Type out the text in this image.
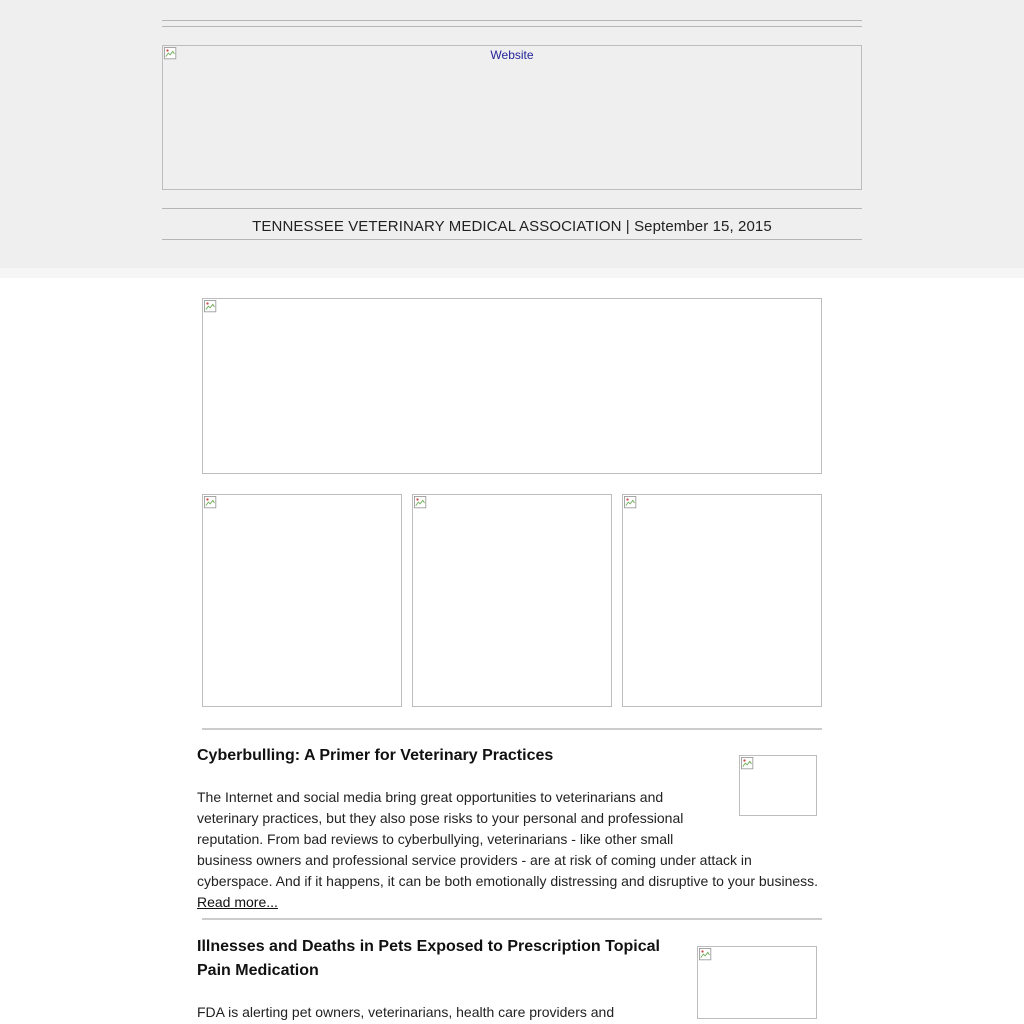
Website
TENNESSEE VETERINARY MEDICAL ASSOCIATION | September 15, 2015
Cyberbulling: A Primer for Veterinary Practices
The Internet and social media bring great opportunities to veterinarians and veterinary practices, but they also pose risks to your personal and professional reputation. From bad reviews to cyberbullying, veterinarians - like other small business owners and professional service providers - are at risk of coming under attack in cyberspace. And if it happens, it can be both emotionally distressing and disruptive to your business. Read more...
Illnesses and Deaths in Pets Exposed to Prescription Topical Pain Medication
FDA is alerting pet owners, veterinarians, health care providers and
